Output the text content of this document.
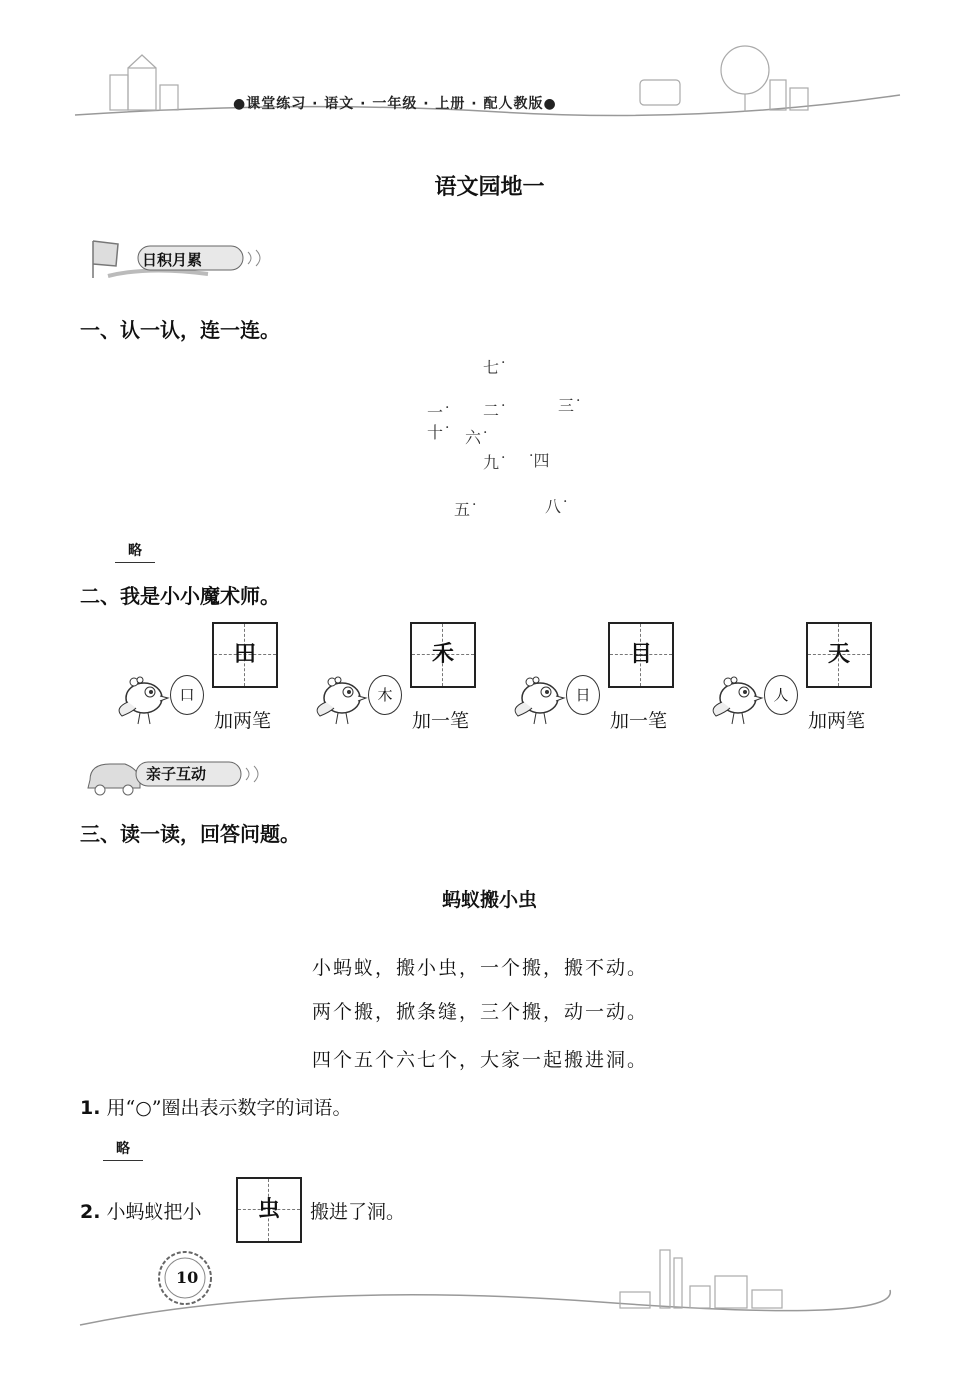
●课堂练习 · 语文 · 一年级 · 上册 · 配人教版●
语文园地一
日积月累
一、认一认，连一连。
七 ·
一 · 二 ·	三 ·
十 · 六 ·
九 · ·四
五 ·	八 ·
略
二、我是小小魔术师。
口
田
加两笔
木
禾
加一笔
日
目
加一笔
人
天
加两笔
亲子互动
三、读一读，回答问题。
蚂蚁搬小虫
小蚂蚁，搬小虫，一个搬，搬不动。
两个搬，掀条缝，三个搬，动一动。
四个五个六七个，大家一起搬进洞。
1. 用“○”圈出表示数字的词语。
略
2. 小蚂蚁把小	虫	搬进了洞。
10
